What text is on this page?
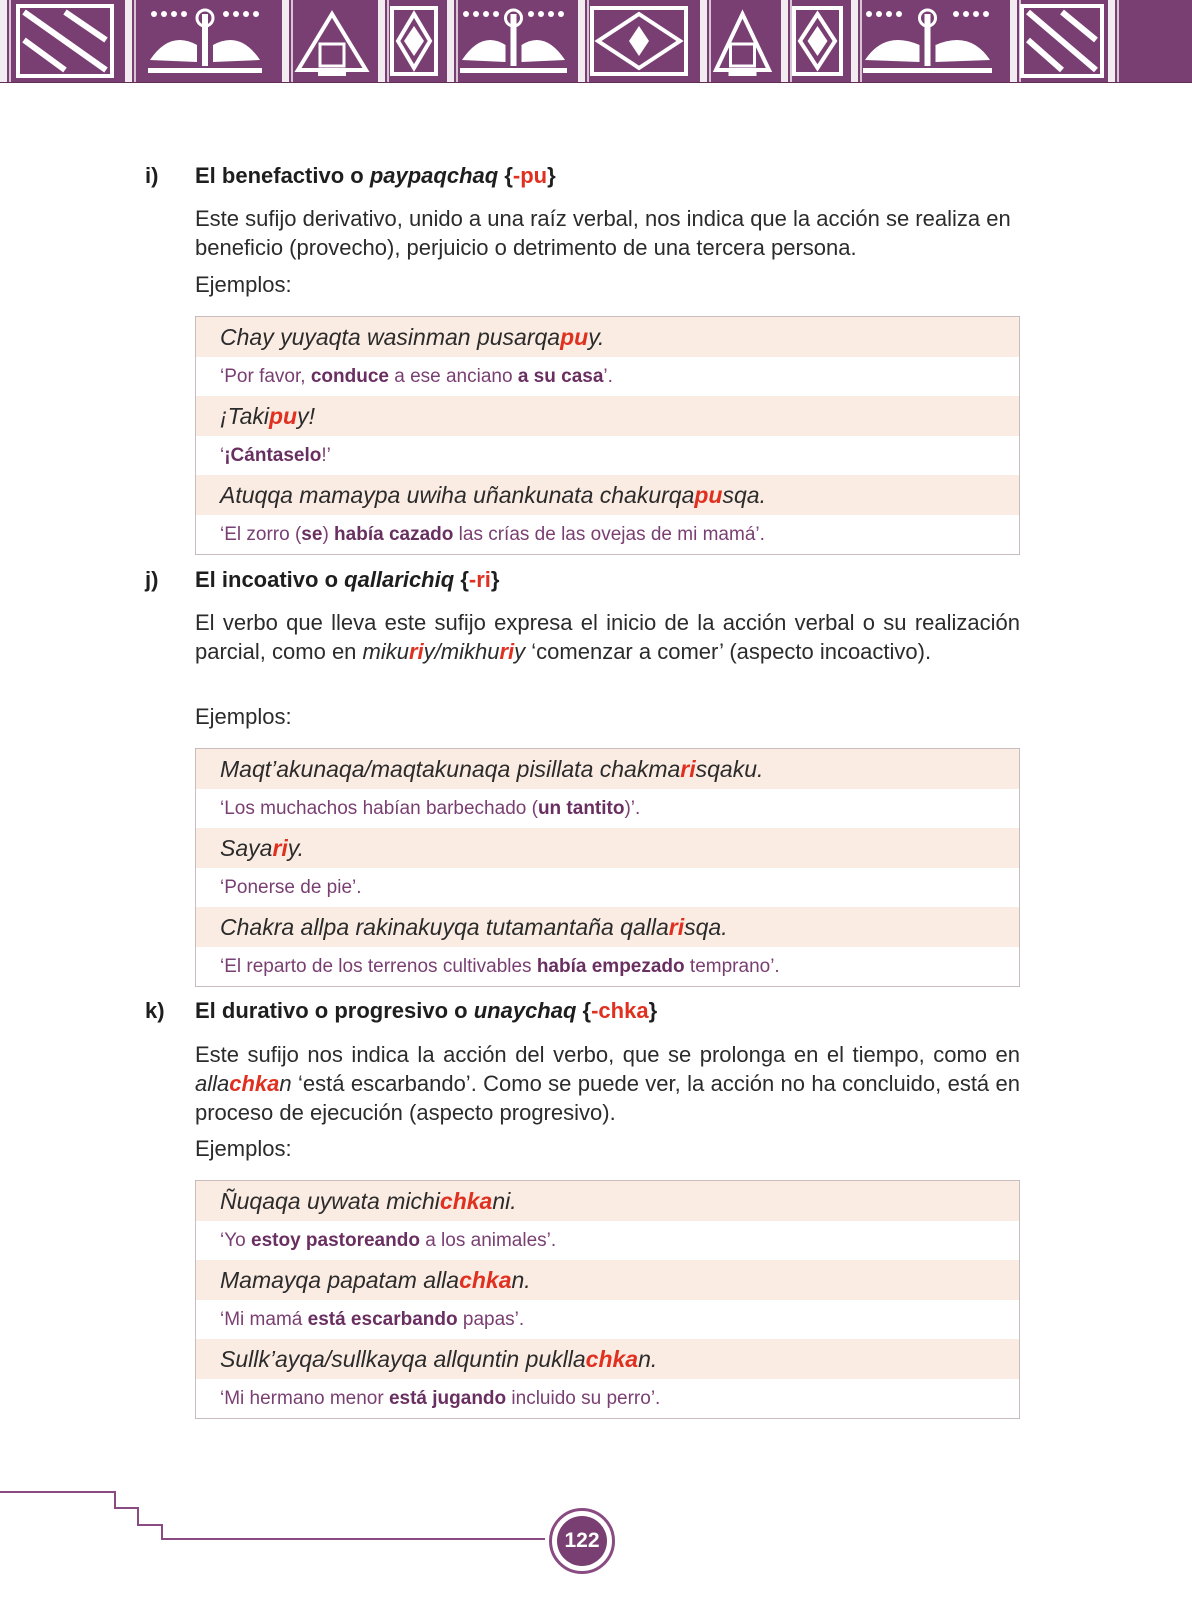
i) El benefactivo o paypaqchaq {-pu}
Este sufijo derivativo, unido a una raíz verbal, nos indica que la acción se realiza en beneficio (provecho), perjuicio o detrimento de una tercera persona.
Ejemplos:
Chay yuyaqta wasinman pusarqapuy.
‘Por favor, conduce a ese anciano a su casa’.
¡Takipuy!
‘¡Cántaselo!’
Atuqqa mamaypa uwiha uñankunata chakurqapusqa.
‘El zorro (se) había cazado las crías de las ovejas de mi mamá’.
j) El incoativo o qallarichiq {-ri}
El verbo que lleva este sufijo expresa el inicio de la acción verbal o su realización parcial, como en mikuriy/mikhuriy ‘comenzar a comer’ (aspecto incoactivo).
Ejemplos:
Maqt’akunaqa/maqtakunaqa pisillata chakmarisqaku.
‘Los muchachos habían barbechado (un tantito)’.
Sayariy.
‘Ponerse de pie’.
Chakra allpa rakinakuyqa tutamantaña qallarisqa.
‘El reparto de los terrenos cultivables había empezado temprano’.
k) El durativo o progresivo o unaychaq {-chka}
Este sufijo nos indica la acción del verbo, que se prolonga en el tiempo, como en allachkan ‘está escarbando’. Como se puede ver, la acción no ha concluido, está en proceso de ejecución (aspecto progresivo).
Ejemplos:
Ñuqaqa uywata michichkani.
‘Yo estoy pastoreando a los animales’.
Mamayqa papatam allachkan.
‘Mi mamá está escarbando papas’.
Sullk’ayqa/sullkayqa allquntin pukllachkan.
‘Mi hermano menor está jugando incluido su perro’.
122
